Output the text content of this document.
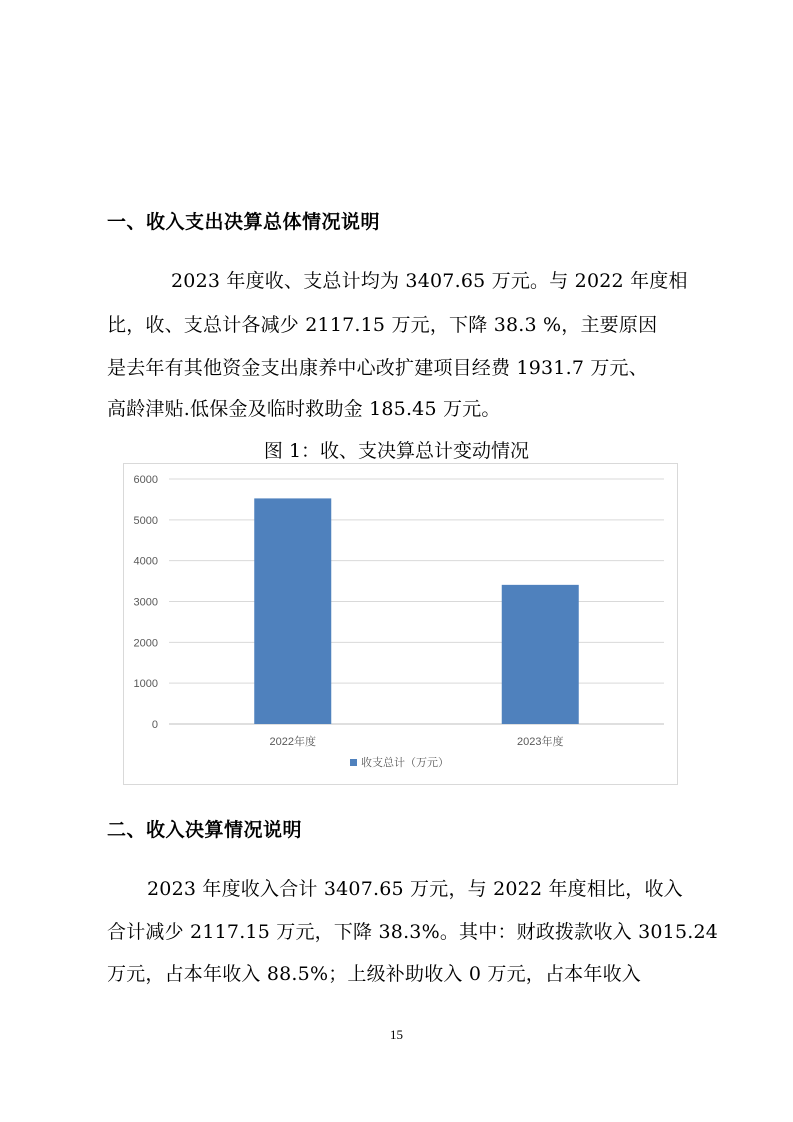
一、收入支出决算总体情况说明
2023 年度收、支总计均为 3407.65 万元。与 2022 年度相
比，收、支总计各减少 2117.15 万元，下降 38.3 %，主要原因
是去年有其他资金支出康养中心改扩建项目经费 1931.7 万元、
高龄津贴.低保金及临时救助金 185.45 万元。
图 1：收、支决算总计变动情况
0
1000
2000
3000
4000
5000
6000
2022年度	2023年度
收支总计（万元）
二、收入决算情况说明
2023 年度收入合计 3407.65 万元，与 2022 年度相比，收入
合计减少 2117.15 万元，下降 38.3%。其中：财政拨款收入 3015.24
万元，占本年收入 88.5%；上级补助收入 0 万元，占本年收入
15
